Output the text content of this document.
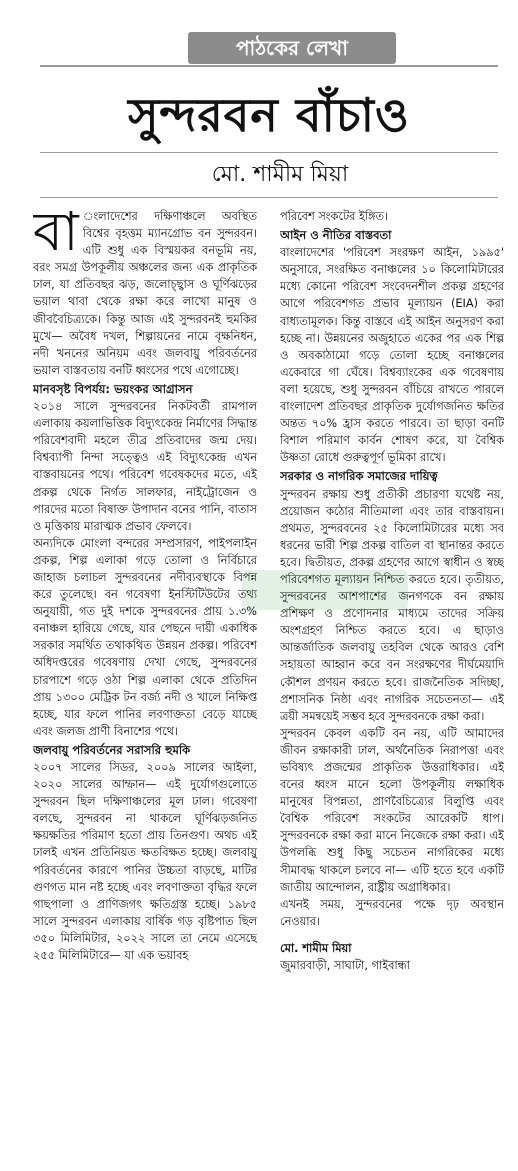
পাঠকের লেখা
সুন্দরবন বাঁচাও
মো. শামীম মিয়া
বা ংলাদেশের দক্ষিণাঞ্চলে অবস্থিত বিশ্বের বৃহত্তম ম্যানগ্রোভ বন সুন্দরবন। এটি শুধু এক বিস্ময়কর বনভূমি নয়, বরং সমগ্র উপকূলীয় অঞ্চলের জন্য এক প্রাকৃতিক ঢাল, যা প্রতিবছর ঝড়, জলোচ্ছ্বাস ও ঘূর্ণিঝড়ের ভয়াল থাবা থেকে রক্ষা করে লাখো মানুষ ও জীববৈচিত্র্যকে। কিন্তু আজ এই সুন্দরবনই হুমকির মুখে— অবৈধ দখল, শিল্পায়নের নামে বৃক্ষনিধন, নদী খননের অনিয়ম এবং জলবায়ু পরিবর্তনের ভয়াল বাস্তবতায় বনটি ধ্বংসের পথে এগোচ্ছে।

মানবসৃষ্ট বিপর্যয়: ভয়ংকর আগ্রাসন

২০১৪ সালে সুন্দরবনের নিকটবর্তী রামপাল এলাকায় কয়লাভিত্তিক বিদ্যুৎকেন্দ্র নির্মাণের সিদ্ধান্ত পরিবেশবাদী মহলে তীব্র প্রতিবাদের জন্ম দেয়। বিশ্বব্যাপী নিন্দা সত্ত্বেও এই বিদ্যুৎকেন্দ্র এখন বাস্তবায়নের পথে। পরিবেশ গবেষকদের মতে, এই প্রকল্প থেকে নির্গত সালফার, নাইট্রোজেন ও পারদের মতো বিষাক্ত উপাদান বনের পানি, বাতাস ও মৃত্তিকায় মারাত্মক প্রভাব ফেলবে।

অন্যদিকে মোংলা বন্দরের সম্প্রসারণ, পাইপলাইন প্রকল্প, শিল্প এলাকা গড়ে তোলা ও নির্বিচারে জাহাজ চলাচল সুন্দরবনের নদীব্যবস্থাকে বিপন্ন করে তুলেছে। বন গবেষণা ইনস্টিটিউটের তথ্য অনুযায়ী, গত দুই দশকে সুন্দরবনের প্রায় ১.৩% বনাঞ্চল হারিয়ে গেছে, যার পেছনে দায়ী একাধিক সরকার সমর্থিত তথাকথিত উন্নয়ন প্রকল্প। পরিবেশ অধিদপ্তরের গবেষণায় দেখা গেছে, সুন্দরবনের চারপাশে গড়ে ওঠা শিল্প এলাকা থেকে প্রতিদিন প্রায় ১৩০০ মেট্রিক টন বর্জ্য নদী ও খালে নিক্ষিপ্ত হচ্ছে, যার ফলে পানির লবণাক্ততা বেড়ে যাচ্ছে এবং জলজ প্রাণী বিনাশের পথে।

জলবায়ু পরিবর্তনের সরাসরি হুমকি

২০০৭ সালের সিডর, ২০০৯ সালের আইলা, ২০২০ সালের আম্ফান— এই দুর্যোগগুলোতে সুন্দরবন ছিল দক্ষিণাঞ্চলের মূল ঢাল। গবেষণা বলছে, সুন্দরবন না থাকলে ঘূর্ণিঝড়জনিত ক্ষয়ক্ষতির পরিমাণ হতো প্রায় তিনগুণ। অথচ এই ঢালই এখন প্রতিনিয়ত ক্ষতবিক্ষত হচ্ছে। জলবায়ু পরিবর্তনের কারণে পানির উচ্চতা বাড়ছে, মাটির গুণগত মান নষ্ট হচ্ছে এবং লবণাক্ততা বৃদ্ধির ফলে গাছপালা ও প্রাণিজগৎ ক্ষতিগ্রস্ত হচ্ছে। ১৯৮৫ সালে সুন্দরবন এলাকায় বার্ষিক গড় বৃষ্টিপাত ছিল ৩৫০ মিলিমিটার, ২০২২ সালে তা নেমে এসেছে ২৫৫ মিলিমিটারে— যা এক ভয়াবহ

পরিবেশ সংকটের ইঙ্গিত।

আইন ও নীতির বাস্তবতা

বাংলাদেশের 'পরিবেশ সংরক্ষণ আইন, ১৯৯৫' অনুসারে, সংরক্ষিত বনাঞ্চলের ১০ কিলোমিটারের মধ্যে কোনো পরিবেশ সংবেদনশীল প্রকল্প গ্রহণের আগে পরিবেশগত প্রভাব মূল্যায়ন (EIA) করা বাধ্যতামূলক। কিন্তু বাস্তবে এই আইন অনুসরণ করা হচ্ছে না। উন্নয়নের অজুহাতে একের পর এক শিল্প ও অবকাঠামো গড়ে তোলা হচ্ছে বনাঞ্চলের একেবারে গা ঘেঁষে। বিশ্বব্যাংকের এক গবেষণায় বলা হয়েছে, শুধু সুন্দরবন বাঁচিয়ে রাখতে পারলে বাংলাদেশ প্রতিবছর প্রাকৃতিক দুর্যোগজনিত ক্ষতির অন্তত ৭০% হ্রাস করতে পারবে। তা ছাড়া বনটি বিশাল পরিমাণ কার্বন শোষণ করে, যা বৈশ্বিক উষ্ণতা রোধে গুরুত্বপূর্ণ ভূমিকা রাখে।

সরকার ও নাগরিক সমাজের দায়িত্ব

সুন্দরবন রক্ষায় শুধু প্রতীকী প্রচারণা যথেষ্ট নয়, প্রয়োজন কঠোর নীতিমালা এবং তার বাস্তবায়ন। প্রথমত, সুন্দরবনের ২৫ কিলোমিটারের মধ্যে সব ধরনের ভারী শিল্প প্রকল্প বাতিল বা স্থানান্তর করতে হবে। দ্বিতীয়ত, প্রকল্প গ্রহণের আগে স্বাধীন ও স্বচ্ছ পরিবেশগত মূল্যায়ন নিশ্চিত করতে হবে। তৃতীয়ত, সুন্দরবনের আশপাশের জনগণকে বন রক্ষায় প্রশিক্ষণ ও প্রণোদনার মাধ্যমে তাদের সক্রিয় অংশগ্রহণ নিশ্চিত করতে হবে। এ ছাড়াও আন্তর্জাতিক জলবায়ু তহবিল থেকে আরও বেশি সহায়তা আহ্বান করে বন সংরক্ষণের দীর্ঘমেয়াদি কৌশল প্রণয়ন করতে হবে। রাজনৈতিক সদিচ্ছা, প্রশাসনিক নিষ্ঠা এবং নাগরিক সচেতনতা— এই ত্রয়ী সমন্বয়েই সম্ভব হবে সুন্দরবনকে রক্ষা করা।

সুন্দরবন কেবল একটি বন নয়, এটি আমাদের জীবন রক্ষাকারী ঢাল, অর্থনৈতিক নিরাপত্তা এবং ভবিষ্যৎ প্রজন্মের প্রাকৃতিক উত্তরাধিকার। এই বনের ধ্বংস মানে হলো উপকূলীয় লক্ষাধিক মানুষের বিপন্নতা, প্রাণবৈচিত্র্যের বিলুপ্তি এবং বৈশ্বিক পরিবেশ সংকটের আরেকটি ধাপ। সুন্দরবনকে রক্ষা করা মানে নিজেকে রক্ষা করা। এই উপলব্ধি শুধু কিছু সচেতন নাগরিকের মধ্যে সীমাবদ্ধ থাকলে চলবে না— এটি হতে হবে একটি জাতীয় আন্দোলন, রাষ্ট্রীয় অগ্রাধিকার।

এখনই সময়, সুন্দরবনের পক্ষে দৃঢ় অবস্থান নেওয়ার।

মো. শামীম মিয়া
জুমারবাড়ী, সাঘাটা, গাইবান্ধা
